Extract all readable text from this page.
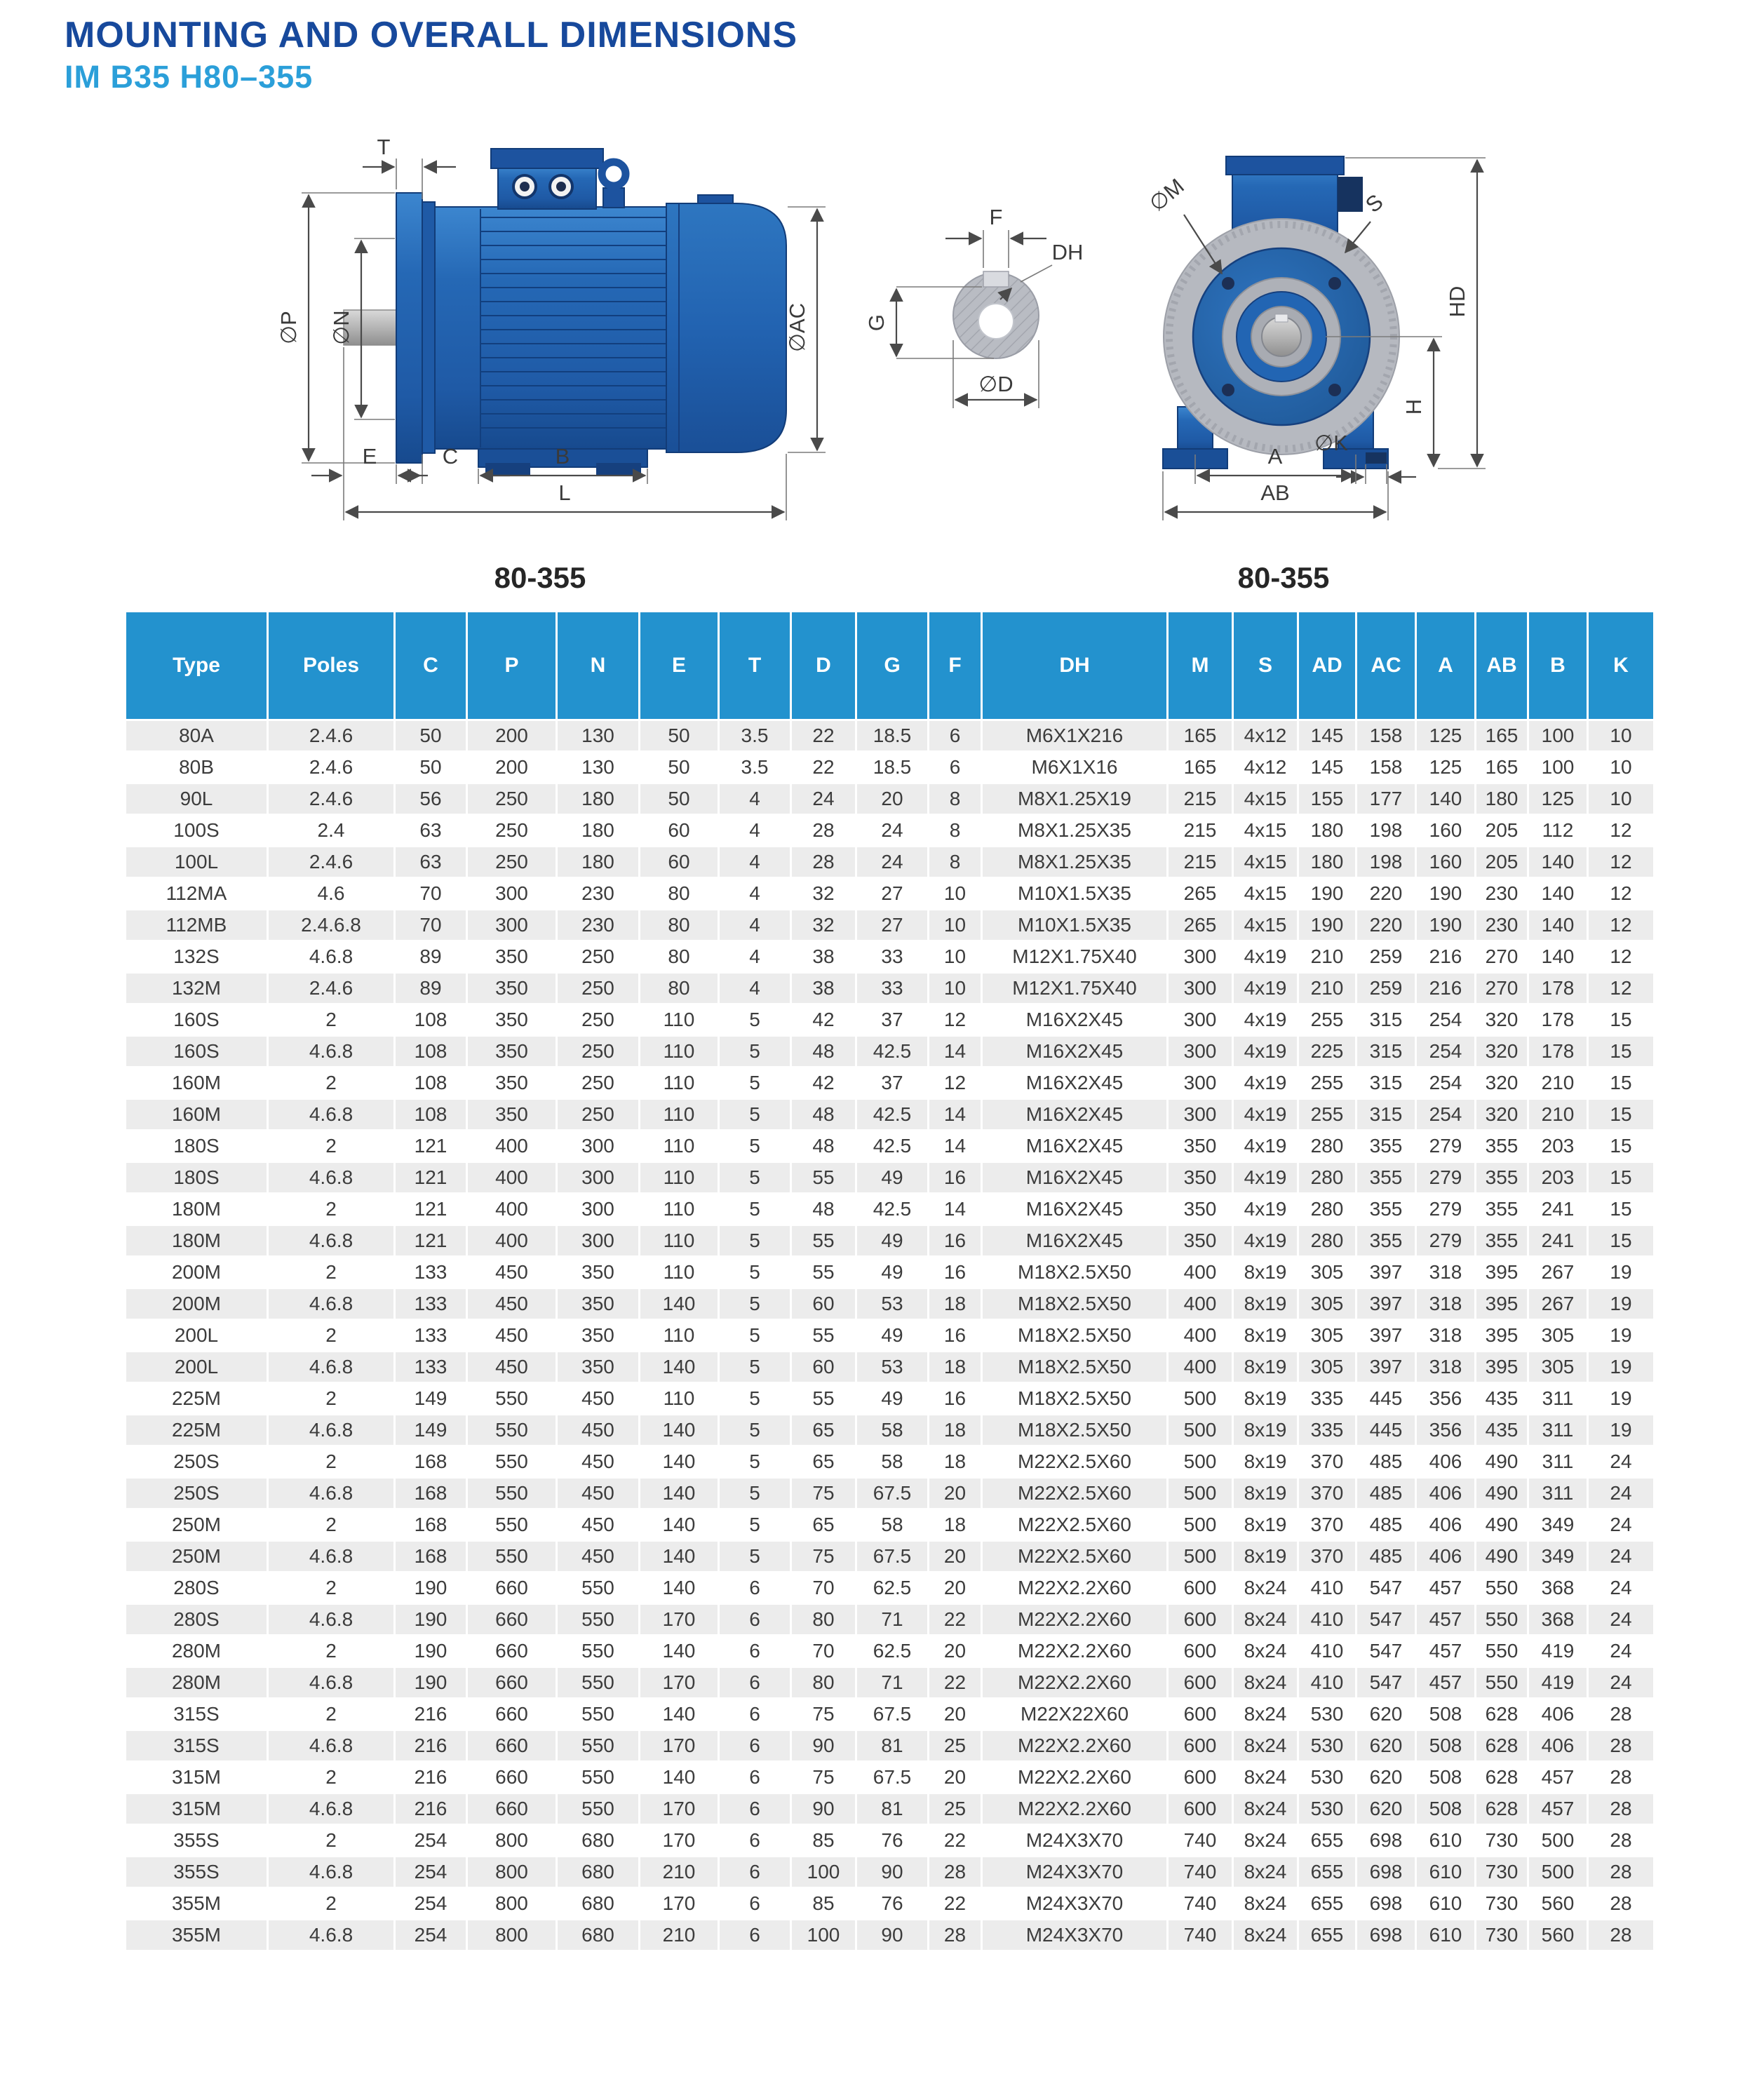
MOUNTING AND OVERALL DIMENSIONS
IM B35 H80–355
T
∅P ∅N	∅AC
E	C	B
L
80-355
F
DH
G
∅D
∅M	S
HD
H
∅K
A
AB
80-355
Type	Poles	C	P	N	E	T	D	G	F	DH	M	S	AD	AC	A	AB	B	K
80A	2.4.6	50	200	130	50	3.5	22	18.5	6	M6X1X216	165	4x12	145	158	125	165	100	10
80B	2.4.6	50	200	130	50	3.5	22	18.5	6	M6X1X16	165	4x12	145	158	125	165	100	10
90L	2.4.6	56	250	180	50	4	24	20	8	M8X1.25X19	215	4x15	155	177	140	180	125	10
100S	2.4	63	250	180	60	4	28	24	8	M8X1.25X35	215	4x15	180	198	160	205	112	12
100L	2.4.6	63	250	180	60	4	28	24	8	M8X1.25X35	215	4x15	180	198	160	205	140	12
112MA	4.6	70	300	230	80	4	32	27	10	M10X1.5X35	265	4x15	190	220	190	230	140	12
112MB	2.4.6.8	70	300	230	80	4	32	27	10	M10X1.5X35	265	4x15	190	220	190	230	140	12
132S	4.6.8	89	350	250	80	4	38	33	10	M12X1.75X40	300	4x19	210	259	216	270	140	12
132M	2.4.6	89	350	250	80	4	38	33	10	M12X1.75X40	300	4x19	210	259	216	270	178	12
160S	2	108	350	250	110	5	42	37	12	M16X2X45	300	4x19	255	315	254	320	178	15
160S	4.6.8	108	350	250	110	5	48	42.5	14	M16X2X45	300	4x19	225	315	254	320	178	15
160M	2	108	350	250	110	5	42	37	12	M16X2X45	300	4x19	255	315	254	320	210	15
160M	4.6.8	108	350	250	110	5	48	42.5	14	M16X2X45	300	4x19	255	315	254	320	210	15
180S	2	121	400	300	110	5	48	42.5	14	M16X2X45	350	4x19	280	355	279	355	203	15
180S	4.6.8	121	400	300	110	5	55	49	16	M16X2X45	350	4x19	280	355	279	355	203	15
180M	2	121	400	300	110	5	48	42.5	14	M16X2X45	350	4x19	280	355	279	355	241	15
180M	4.6.8	121	400	300	110	5	55	49	16	M16X2X45	350	4x19	280	355	279	355	241	15
200M	2	133	450	350	110	5	55	49	16	M18X2.5X50	400	8x19	305	397	318	395	267	19
200M	4.6.8	133	450	350	140	5	60	53	18	M18X2.5X50	400	8x19	305	397	318	395	267	19
200L	2	133	450	350	110	5	55	49	16	M18X2.5X50	400	8x19	305	397	318	395	305	19
200L	4.6.8	133	450	350	140	5	60	53	18	M18X2.5X50	400	8x19	305	397	318	395	305	19
225M	2	149	550	450	110	5	55	49	16	M18X2.5X50	500	8x19	335	445	356	435	311	19
225M	4.6.8	149	550	450	140	5	65	58	18	M18X2.5X50	500	8x19	335	445	356	435	311	19
250S	2	168	550	450	140	5	65	58	18	M22X2.5X60	500	8x19	370	485	406	490	311	24
250S	4.6.8	168	550	450	140	5	75	67.5	20	M22X2.5X60	500	8x19	370	485	406	490	311	24
250M	2	168	550	450	140	5	65	58	18	M22X2.5X60	500	8x19	370	485	406	490	349	24
250M	4.6.8	168	550	450	140	5	75	67.5	20	M22X2.5X60	500	8x19	370	485	406	490	349	24
280S	2	190	660	550	140	6	70	62.5	20	M22X2.2X60	600	8x24	410	547	457	550	368	24
280S	4.6.8	190	660	550	170	6	80	71	22	M22X2.2X60	600	8x24	410	547	457	550	368	24
280M	2	190	660	550	140	6	70	62.5	20	M22X2.2X60	600	8x24	410	547	457	550	419	24
280M	4.6.8	190	660	550	170	6	80	71	22	M22X2.2X60	600	8x24	410	547	457	550	419	24
315S	2	216	660	550	140	6	75	67.5	20	M22X22X60	600	8x24	530	620	508	628	406	28
315S	4.6.8	216	660	550	170	6	90	81	25	M22X2.2X60	600	8x24	530	620	508	628	406	28
315M	2	216	660	550	140	6	75	67.5	20	M22X2.2X60	600	8x24	530	620	508	628	457	28
315M	4.6.8	216	660	550	170	6	90	81	25	M22X2.2X60	600	8x24	530	620	508	628	457	28
355S	2	254	800	680	170	6	85	76	22	M24X3X70	740	8x24	655	698	610	730	500	28
355S	4.6.8	254	800	680	210	6	100	90	28	M24X3X70	740	8x24	655	698	610	730	500	28
355M	2	254	800	680	170	6	85	76	22	M24X3X70	740	8x24	655	698	610	730	560	28
355M	4.6.8	254	800	680	210	6	100	90	28	M24X3X70	740	8x24	655	698	610	730	560	28
